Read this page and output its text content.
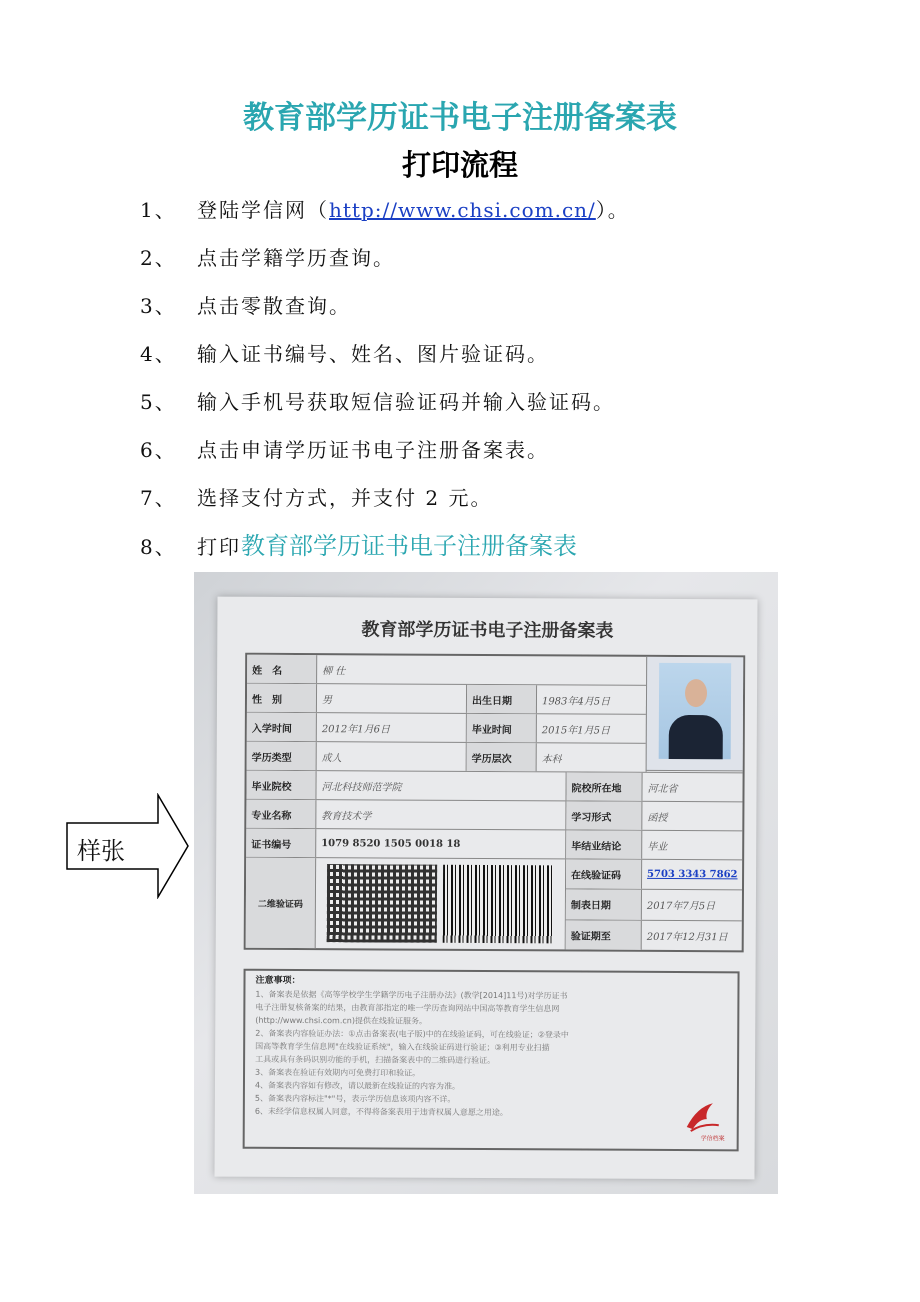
教育部学历证书电子注册备案表
打印流程
1、 登陆学信网（http://www.chsi.com.cn/）。
2、 点击学籍学历查询。
3、 点击零散查询。
4、 输入证书编号、姓名、图片验证码。
5、 输入手机号获取短信验证码并输入验证码。
6、 点击申请学历证书电子注册备案表。
7、 选择支付方式，并支付 2 元。
8、 打印教育部学历证书电子注册备案表
样张
教育部学历证书电子注册备案表
姓　名	柳 仕
性　别	男	出生日期	1983年4月5日
入学时间	2012年1月6日	毕业时间	2015年1月5日
学历类型	成人	学历层次	本科
毕业院校	河北科技师范学院	院校所在地	河北省
专业名称	教育技术学	学习形式	函授
证书编号	1079 8520 1505 0018 18	毕结业结论	毕业
二维验证码
在线验证码	5703 3343 7862
制表日期	2017年7月5日
验证期至	2017年12月31日
注意事项：
1、备案表是依据《高等学校学生学籍学历电子注册办法》(教学[2014]11号)对学历证书
电子注册复核备案的结果，由教育部指定的唯一学历查询网站中国高等教育学生信息网
(http://www.chsi.com.cn)提供在线验证服务。
2、备案表内容验证办法：①点击备案表(电子版)中的在线验证码，可在线验证；②登录中
国高等教育学生信息网"在线验证系统"，输入在线验证码进行验证；③利用专业扫描
工具或具有条码识别功能的手机，扫描备案表中的二维码进行验证。
3、备案表在验证有效期内可免费打印和验证。
4、备案表内容如有修改，请以最新在线验证的内容为准。
5、备案表内容标注"*"号，表示学历信息该项内容不详。
6、未经学信息权属人同意，不得将备案表用于违背权属人意愿之用途。
学信档案
